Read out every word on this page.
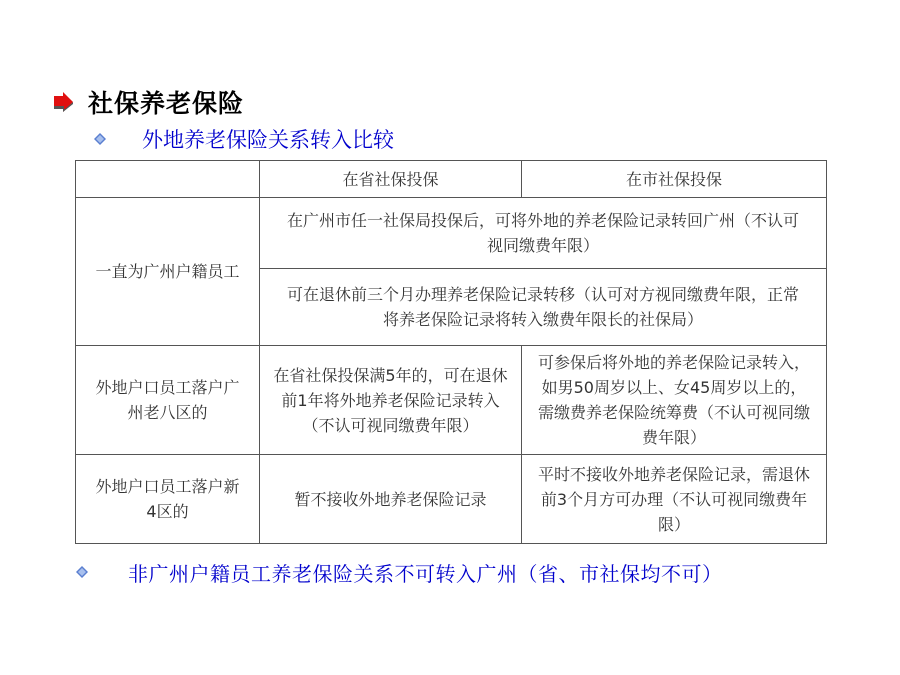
社保养老保险
外地养老保险关系转入比较
	在省社保投保	在市社保投保
一直为广州户籍员工	在广州市任一社保局投保后，可将外地的养老保险记录转回广州（不认可视同缴费年限）	
	可在退休前三个月办理养老保险记录转移（认可对方视同缴费年限，正常将养老保险记录将转入缴费年限长的社保局）	
外地户口员工落户广州老八区的	在省社保投保满5年的，可在退休前1年将外地养老保险记录转入（不认可视同缴费年限）	可参保后将外地的养老保险记录转入，如男50周岁以上、女45周岁以上的，需缴费养老保险统筹费（不认可视同缴费年限）
外地户口员工落户新4区的	暂不接收外地养老保险记录	平时不接收外地养老保险记录，需退休前3个月方可办理（不认可视同缴费年限）
非广州户籍员工养老保险关系不可转入广州（省、市社保均不可）
